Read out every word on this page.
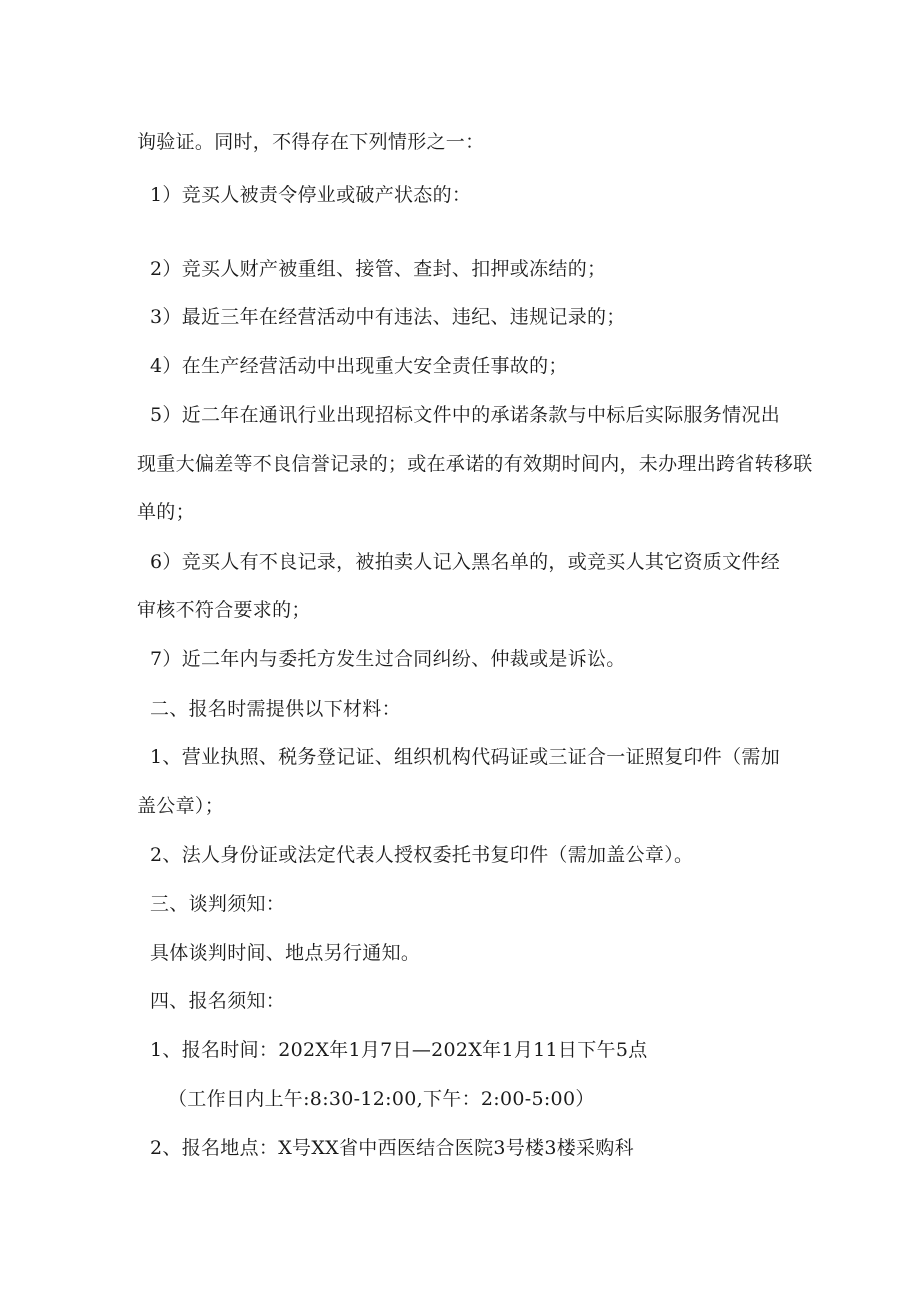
询验证。同时，不得存在下列情形之一：

1）竞买人被责令停业或破产状态的：

2）竞买人财产被重组、接管、查封、扣押或冻结的；

3）最近三年在经营活动中有违法、违纪、违规记录的；

4）在生产经营活动中出现重大安全责任事故的；

5）近二年在通讯行业出现招标文件中的承诺条款与中标后实际服务情况出

现重大偏差等不良信誉记录的；或在承诺的有效期时间内，未办理出跨省转移联

单的；

6）竞买人有不良记录，被拍卖人记入黑名单的，或竞买人其它资质文件经

审核不符合要求的；

7）近二年内与委托方发生过合同纠纷、仲裁或是诉讼。

二、报名时需提供以下材料：

1、营业执照、税务登记证、组织机构代码证或三证合一证照复印件（需加

盖公章）；

2、法人身份证或法定代表人授权委托书复印件（需加盖公章）。

三、谈判须知：

具体谈判时间、地点另行通知。

四、报名须知：

1、报名时间：202X年1月7日—202X年1月11日下午5点

（工作日内上午:8:30-12:00,下午：2:00-5:00）

2、报名地点：X号XX省中西医结合医院3号楼3楼采购科
